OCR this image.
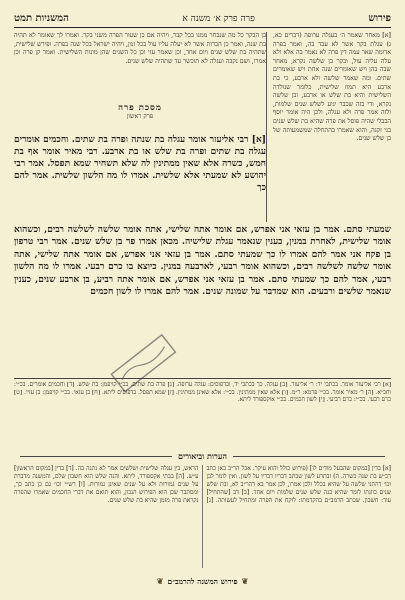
פירוש
פרה פרק א׳ משנה א
המשניות תמט
[א] מאחר שאמר ה׳ בעגלה ערופה (דברים כא, ג) עגלת בקר אשר לא עבד בה, ואמר בפרה אדומה שאר עמה דין פרה לא נאמר בה אלא ולא עלה עליה עול, ובקר בן שלשה נקרא, מאחר שבה בהן ויש שאומרים שנה אחת ויש שאומרים שתים. ומה שאמר שלשה ולא ארבע, כי בת ארבע היא תמוז שלישית, כלומר שנולדה השלישית והיא בת שלש או ארבע, ובן שלשה נקרא, ודי בזה שכבר יגיע לשלש שנים שלמות, ולזה אמר פרה ולא עגלה, ולכן היה אומר יוסף הבבלי שהיה פוסל את פרה שהיא בת שלש שנים בני זקנה, והוא שאמרו בהתחלה שמשמעותה של בן שלש שנים.
בן הבקר כל מה שנבחר ממנו בכל קבר, ויהיה אם כן שעור הפרה משני בקר. ואמרו לך שאומר לא תהיה בת שנה, ואמר כן הכרות אשר לא יעלה עליו עול בכל זמן, ויהיה ישראל בכל שנה בפרה. ופירש שלישית, שתהיה בת שלש שנים ויום אחד, וכן שאמר עזי וכן כל השנים שהן מונות השלישית. ואמר קן פרה וכן אמרו, ושם נקבה ועגלה לא תוכשר עד שתהיה שלש שנים.
מסכת פרה
פרק ראשון
[א] רבי אליעזר אומר עגלה בת שנתה ופרה בת שתים. וחכמים אומרים עגלה בת שתים ופרה בת שלש או בת ארבע. רבי מאיר אומר אף בת חמש, כשרה אלא שאין ממתינין לה שלא תשחיר שמא תפסל. אמר רבי יהושע לא שמעתי אלא שלשית. אמרו לו מה הלשון שלשית. אמר להם כך
שמעתי סתם. אמר בן עזאי אני אפרש, אם אומר אתה שלישי, אתה אומר שלשה לשלשה רבים, וכשהוא אומר שלישית, לאחרת במנין, כענין שנאמר עגלת שלישיה. מכאן אמרו פר בן שלש שנים. אמר רבי טרפון בן פקח אני אמר להם אמרו לו כך שמעתי סתם. אמר בן עזאי אני אפרש, אם אומר אתה שלישי, אתה אומר שלשה לשלשה רבים, וכשהוא אומר רבעי, לארבעה במנין. כיוצא בו כרם רבעי. אמרו לו מה הלשון רבעי, אמר להם כך שמעתי סתם. אמר בן עזאי אני אפרש, אם אומר אתה רביע, בן ארבע שנים, כענין שנאמר שלשים ורבעים. הוא שמדבר על שמונה שנים. אמר להם אמרו לו לשון חכמים
[א] רבי אליעזר אומר. בכתבי יד: ר׳ אליעזר. [ב] עגלה. כך בכתבי יד, ובדפוסים: עגלה ערופה. [ג] פרה בת שתים. בכ״י קויפמן: בת שלש. [ד] וחכמים אומרים. בכ״י: וחכ״א. [ה] ר׳ מאיר אומר. בכ״י פרמא: ר״מ. [ו] אלא שאין ממתינין. בכ״י: אלא שאינן ממתינין. [ז] שמא תפסל. בדפוסים ליתא. [ח] בן עזאי. בכ״י קויפמן: בן עזיי. [ט] כרם רבעי. בכ״י: כרם רביעי. [י] לשון חכמים. בכ״י אוקספורד ליתא.
הערות וביאורים
[א] בדין [במקום שהבעל מודים לו] (פירוש כולל והוא עיקר. אכל הר״ב כאן כתב דכ״ש בת שנה כשרה. ה) ובתרע לשון שכתב דבריו דבריו על לשון. ואין לומר לבן וכו׳ דהתני שלשה על שהיא בכלל ולכן אמרו, לכן אמר בא דהר״ב לא, ובת שלש שנים כוונתו לומר שהיא בנה שלש שנים שלמות ויום אחד. [ב] דב [שהתחיל] עוד: חשבון. שכתב הרמב״ם בהקדמתו: לוקח את הפרה ומתחיל לעשותה. [ג] הראש, בין עגלה שלישית ושלשים אמר לא נתנה בה. [ד] בדין [במקום הראשון] ע״ש. [ה] בבתי אקספורד, ליתא. והנה שלש הוא חשבון שלם, והמשנה מדברת על שנים גמורות ולא על שנים שאינן גמורות. [ו] רש״י וכו׳ גם כן כתב כך, ומסתבר שכן הוא הפירוש הנכון, והוא תואם את דברי החכמים שאמרו שהפרה נקראת פרה מזמן שהיא בת שלש שנים.
❦
פירוש המשנה להרמב״ם
❦
